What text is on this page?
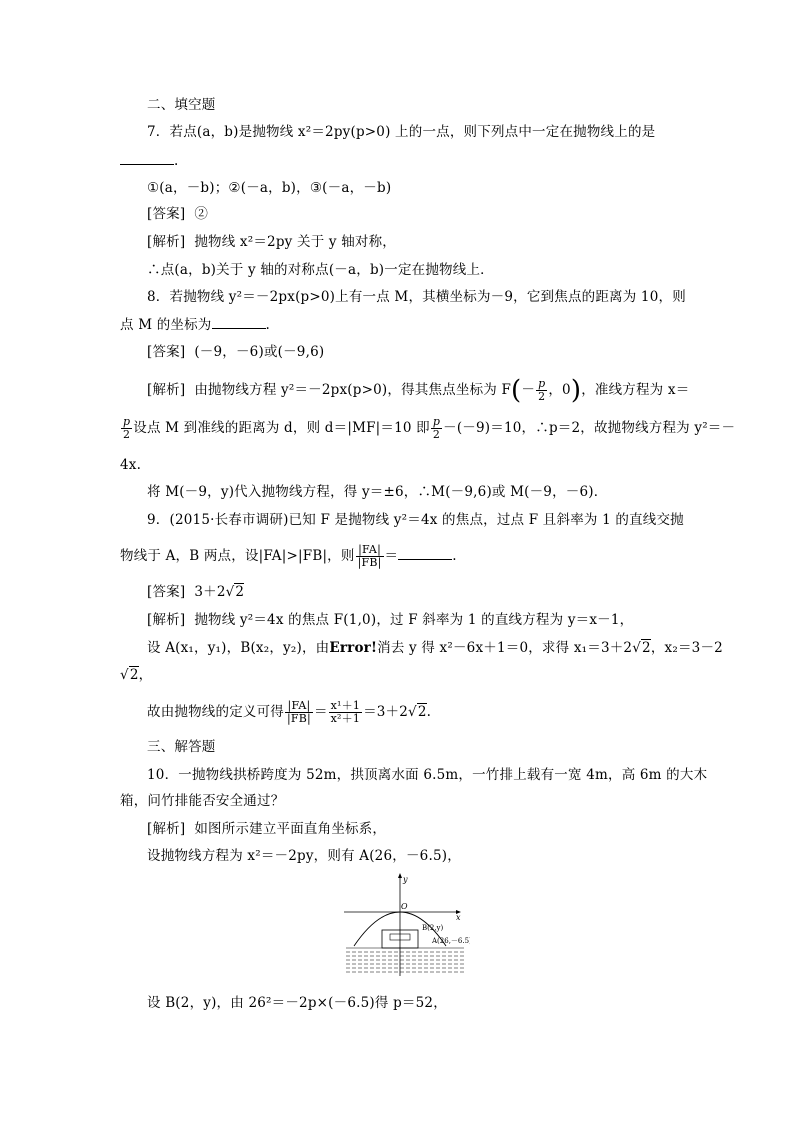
二、填空题
7．若点(a，b)是抛物线 x²＝2py(p>0) 上的一点，则下列点中一定在抛物线上的是
.
①(a，－b)；②(－a，b)，③(－a，－b)
[答案] ②
[解析] 抛物线 x²＝2py 关于 y 轴对称，
∴点(a，b)关于 y 轴的对称点(－a，b)一定在抛物线上．
8．若抛物线 y²＝－2px(p>0)上有一点 M，其横坐标为－9，它到焦点的距离为 10，则
点 M 的坐标为	.
[答案] (－9，－6)或(－9,6)
[解析] 由抛物线方程 y²＝－2px(p>0)，得其焦点坐标为 $F(- \frac{p}{2}$ ，0)，准线方程为 x＝
$\frac{p}{2}$ 设点 M 到准线的距离为 d，则 d＝|MF|＝10 即 $\frac{p}{2} -(-9)=10$，∴p＝2，故抛物线方程为 y²＝－
4x.
将 M(－9，y)代入抛物线方程，得 y＝±6，∴M(－9,6)或 M(－9，－6)．
9．(2015·长春市调研)已知 F 是抛物线 y²＝4x 的焦点，过点 F 且斜率为 1 的直线交抛
物线于 A，B 两点，设|FA|>|FB|，则 $\frac{|FA|}{|FB|}$ ＝	.
[答案] 3＋2√2
[解析] 抛物线 y²＝4x 的焦点 F(1,0)，过 F 斜率为 1 的直线方程为 y＝x－1，
设 A(x₁，y₁)，B(x₂，y₂)，由Error!消去 y 得 x²－6x＋1＝0，求得 x₁＝3＋2√2，x₂＝3－2
√2，
故由抛物线的定义可得 $\frac{|FA|}{|FB|} = \frac{\text{x¹＋1}}{\text{x²＋1}} =3+2√2$.
三、解答题
10．一抛物线拱桥跨度为 52m，拱顶离水面 6.5m，一竹排上载有一宽 4m，高 6m 的大木
箱，问竹排能否安全通过？
[解析] 如图所示建立平面直角坐标系，
设抛物线方程为 x²＝－2py，则有 A(26，－6.5)，
y
x
O
B(2,y)
A(26,－6.5)
设 B(2，y)，由 26²＝－2p×(－6.5)得 p＝52，
